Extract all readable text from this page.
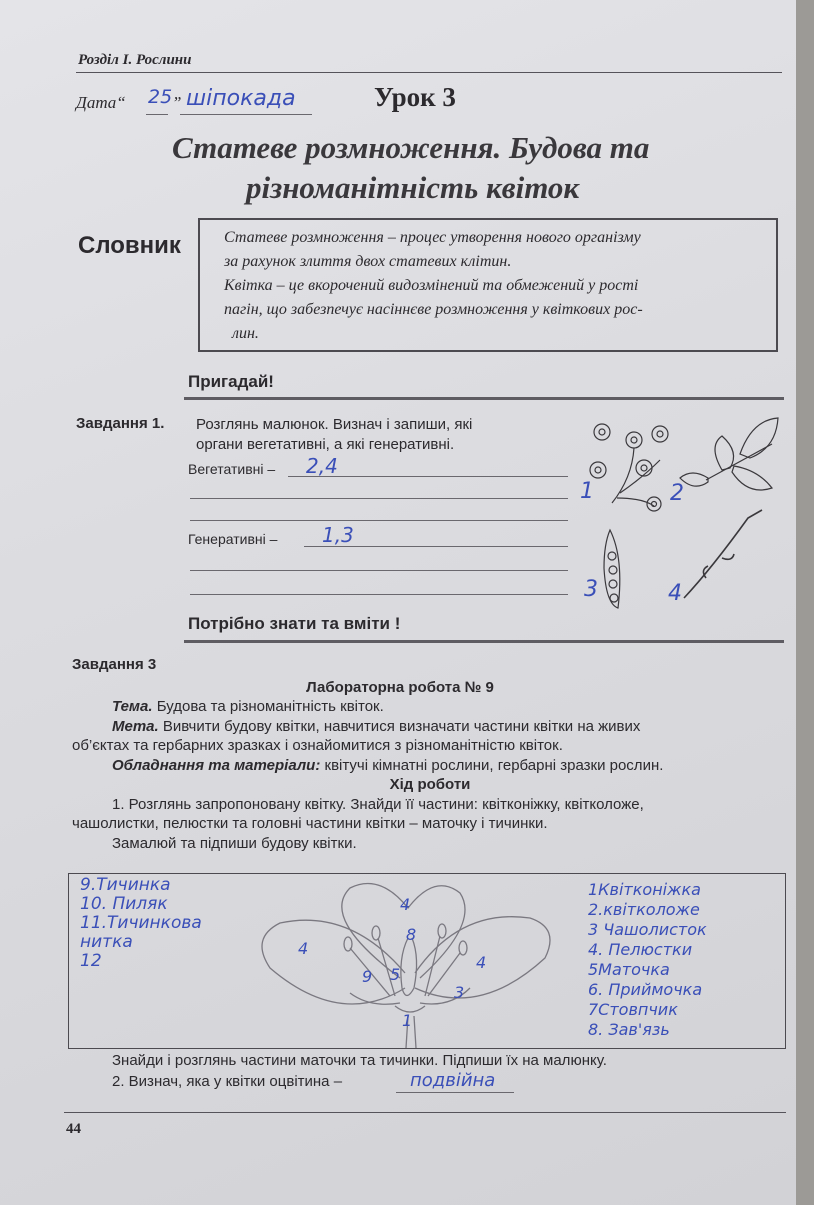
Розділ І. Рослини
Дата“ 25 ” шіпокада	Урок 3
Статеве розмноження. Будова та
різноманітність квіток
Словник	Статеве розмноження – процес утворення нового організму
за рахунок злиття двох статевих клітин.
Квітка – це вкорочений видозмінений та обмежений у рості
пагін, що забезпечує насіннєве розмноження у квіткових рос-
лин.
Пригадай!
Завдання 1. Розглянь малюнок. Визнач і запиши, які
органи вегетативні, а які генеративні.
Вегетативні – 2,4
Генеративні – 1,3
1	2
3	4
Потрібно знати та вміти !
Завдання 3
Лабораторна робота № 9
Тема. Будова та різноманітність квіток.
Мета. Вивчити будову квітки, навчитися визначати частини квітки на живих
об’єктах та гербарних зразках і ознайомитися з різноманітністю квіток.
Обладнання та матеріали: квітучі кімнатні рослини, гербарні зразки рослин.
Хід роботи
1. Розглянь запропоновану квітку. Знайди її частини: квітконіжку, квітколоже,
чашолистки, пелюстки та головні частини квітки – маточку і тичинки.
Замалюй та підпиши будову квітки.
9.Тичинка
10. Пиляк
11.Тичинкова
нитка
12
1Квітконіжка
2.квітколоже
3 Чашолисток
4. Пелюстки
5Маточка
6. Приймочка
7Стовпчик
8. Зав'язь
4
4
4
8
9 5
1
3
Знайди і розглянь частини маточки та тичинки. Підпиши їх на малюнку.
2. Визнач, яка у квітки оцвітина –	подвійна
44
